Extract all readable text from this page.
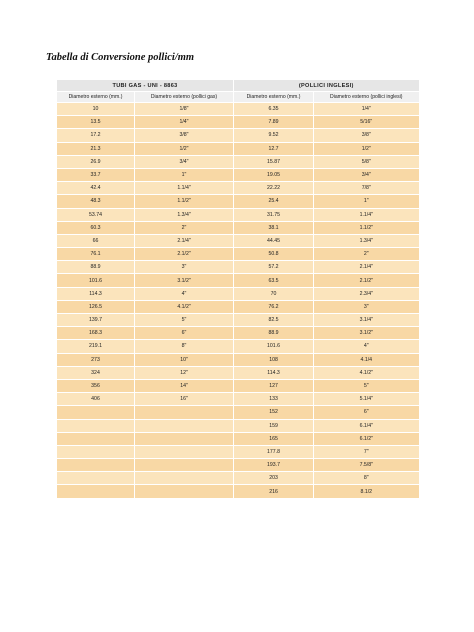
Tabella di Conversione pollici/mm
TUBI GAS - UNI - 8863		(POLLICI INGLESI)	
Diametro esterno (mm.)	Diametro esterno (pollici gas)	Diametro esterno (mm.)	Diametro esterno (pollici inglesi)
10	1/8"	6.35	1/4"
13.5	1/4"	7.89	5/16"
17.2	3/8"	9.52	3/8"
21.3	1/2"	12.7	1/2"
26.9	3/4"	15.87	5/8"
33.7	1"	19.05	3/4"
42.4	1.1/4"	22.22	7/8"
48.3	1.1/2"	25.4	1"
53.74	1.3/4"	31.75	1.1/4"
60.3	2"	38.1	1.1/2"
66	2.1/4"	44.45	1.3/4"
76.1	2.1/2"	50.8	2"
88.9	3"	57.2	2.1/4"
101.6	3.1/2"	63.5	2.1/2"
114.3	4"	70	2.3/4"
126.5	4.1/2"	76.2	3"
139.7	5"	82.5	3.1/4"
168.3	6"	88.9	3.1/2"
219.1	8"	101.6	4"
273	10"	108	4.1/4
324	12"	114.3	4.1/2"
356	14"	127	5"
406	16"	133	5.1/4"
		152	6"
		159	6.1/4"
		165	6.1/2"
		177.8	7"
		193.7	7.5/8"
		203	8"
		216	8.1/2
